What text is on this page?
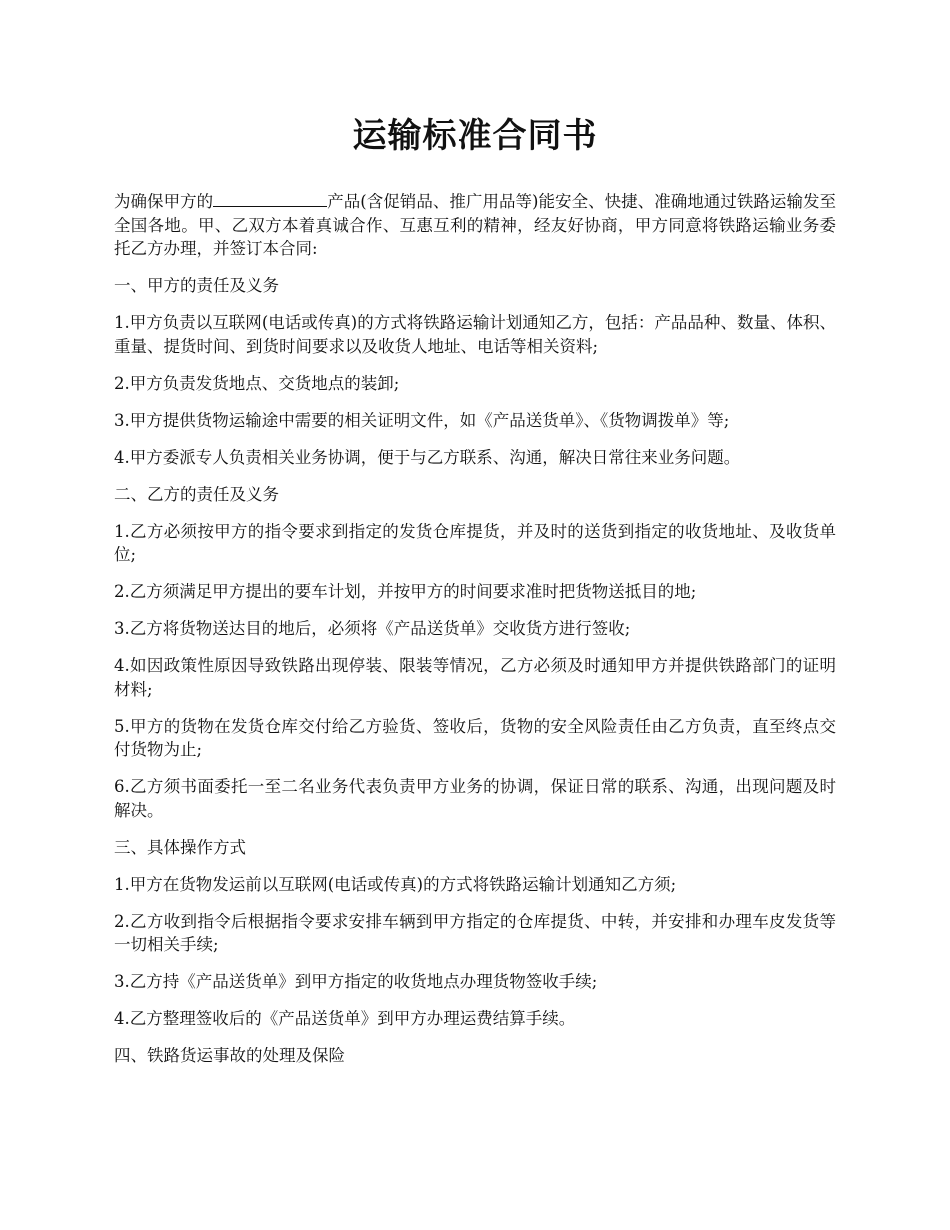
运输标准合同书

为确保甲方的	产品(含促销品、推广用品等)能安全、快捷、准确地通过铁路运输发至全国各地。甲、乙双方本着真诚合作、互惠互利的精神，经友好协商，甲方同意将铁路运输业务委托乙方办理，并签订本合同:

一、甲方的责任及义务

1.甲方负责以互联网(电话或传真)的方式将铁路运输计划通知乙方，包括：产品品种、数量、体积、重量、提货时间、到货时间要求以及收货人地址、电话等相关资料;

2.甲方负责发货地点、交货地点的装卸;

3.甲方提供货物运输途中需要的相关证明文件，如《产品送货单》、《货物调拨单》等;

4.甲方委派专人负责相关业务协调，便于与乙方联系、沟通，解决日常往来业务问题。

二、乙方的责任及义务

1.乙方必须按甲方的指令要求到指定的发货仓库提货，并及时的送货到指定的收货地址、及收货单位;

2.乙方须满足甲方提出的要车计划，并按甲方的时间要求准时把货物送抵目的地;

3.乙方将货物送达目的地后，必须将《产品送货单》交收货方进行签收;

4.如因政策性原因导致铁路出现停装、限装等情况，乙方必须及时通知甲方并提供铁路部门的证明材料;

5.甲方的货物在发货仓库交付给乙方验货、签收后，货物的安全风险责任由乙方负责，直至终点交付货物为止;

6.乙方须书面委托一至二名业务代表负责甲方业务的协调，保证日常的联系、沟通，出现问题及时解决。

三、具体操作方式

1.甲方在货物发运前以互联网(电话或传真)的方式将铁路运输计划通知乙方须;

2.乙方收到指令后根据指令要求安排车辆到甲方指定的仓库提货、中转，并安排和办理车皮发货等一切相关手续;

3.乙方持《产品送货单》到甲方指定的收货地点办理货物签收手续;

4.乙方整理签收后的《产品送货单》到甲方办理运费结算手续。

四、铁路货运事故的处理及保险
